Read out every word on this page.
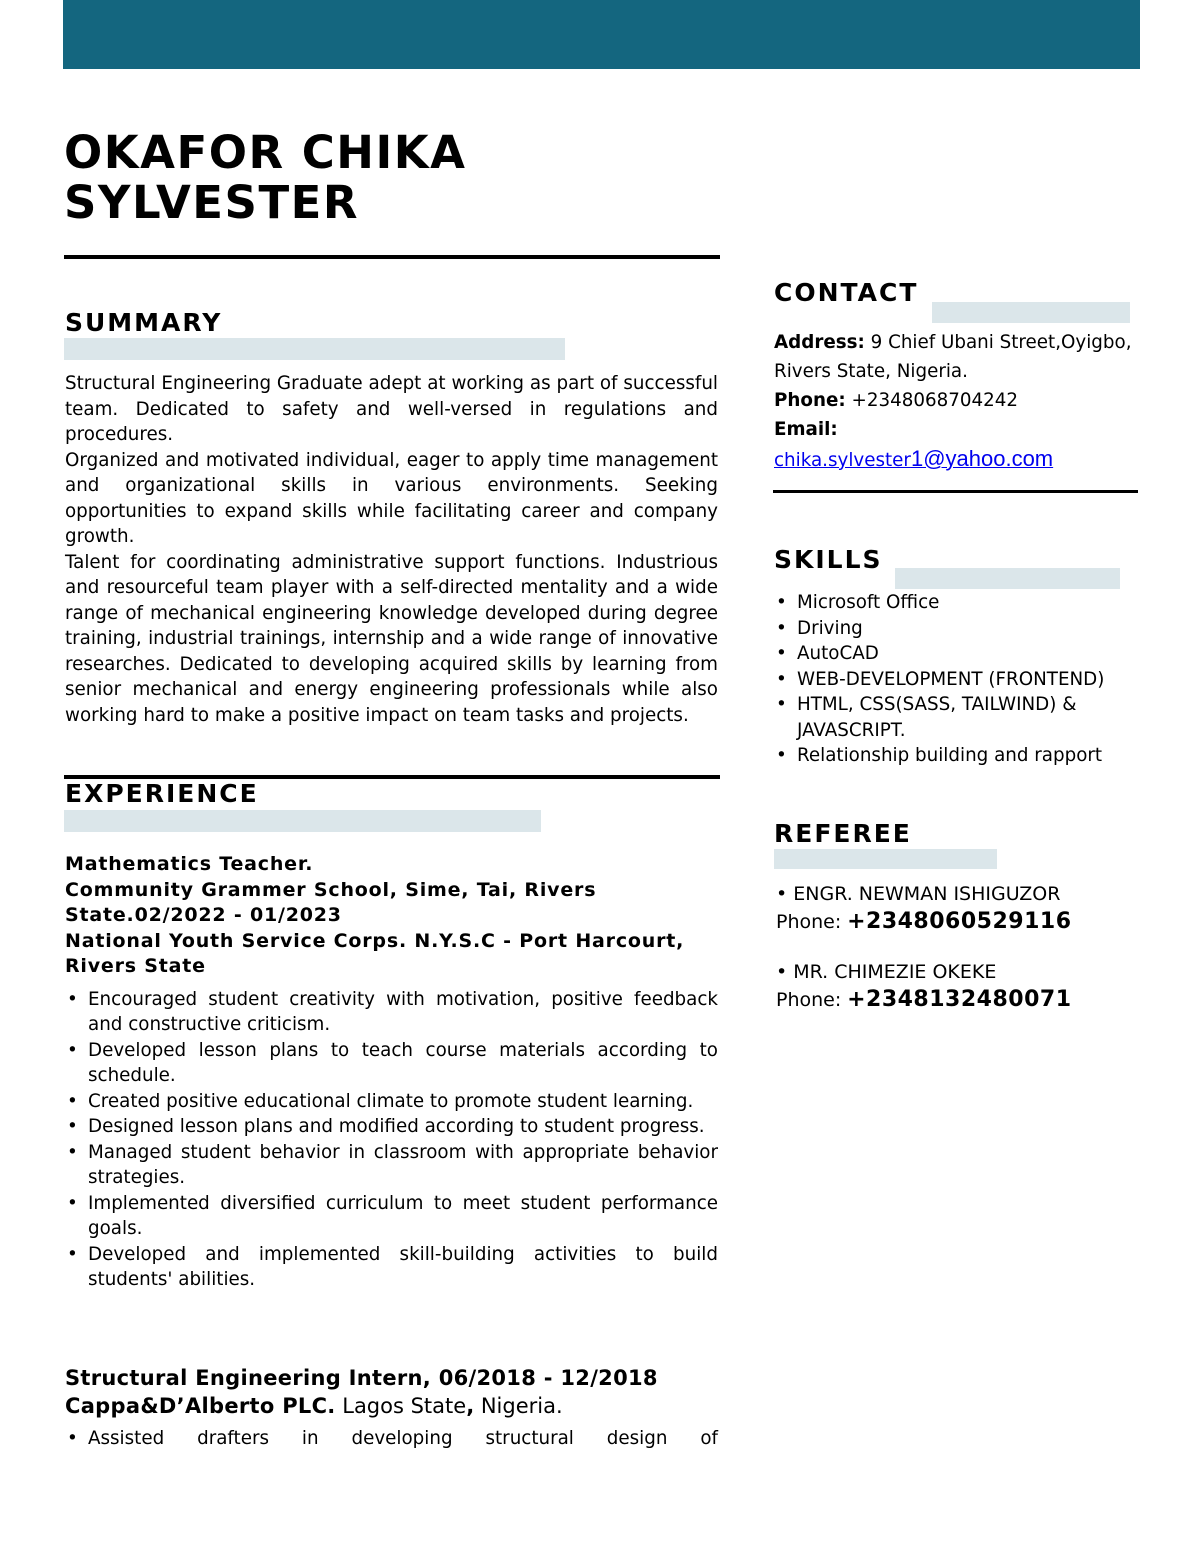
OKAFOR CHIKA
SYLVESTER
SUMMARY

Structural Engineering Graduate adept at working as part of successful team. Dedicated to safety and well-versed in regulations and procedures.

Organized and motivated individual, eager to apply time management and organizational skills in various environments. Seeking opportunities to expand skills while facilitating career and company growth.

Talent for coordinating administrative support functions. Industrious and resourceful team player with a self-directed mentality and a wide range of mechanical engineering knowledge developed during degree training, industrial trainings, internship and a wide range of innovative researches. Dedicated to developing acquired skills by learning from senior mechanical and energy engineering professionals while also working hard to make a positive impact on team tasks and projects.

EXPERIENCE
Mathematics Teacher.
Community Grammer School, Sime, Tai, Rivers State.02/2022 - 01/2023
National Youth Service Corps. N.Y.S.C - Port Harcourt, Rivers State
• Encouraged student creativity with motivation, positive feedback and constructive criticism.
• Developed lesson plans to teach course materials according to schedule.
• Created positive educational climate to promote student learning.
• Designed lesson plans and modified according to student progress.
• Managed student behavior in classroom with appropriate behavior strategies.
• Implemented diversified curriculum to meet student performance goals.
• Developed and implemented skill-building activities to build students' abilities.
Structural Engineering Intern, 06/2018 - 12/2018
Cappa&D’Alberto PLC. Lagos State, Nigeria.
• Assisted drafters in developing structural design of
CONTACT
Address: 9 Chief Ubani Street,Oyigbo, Rivers State, Nigeria.
Phone: +2348068704242
Email:
chika.sylvester1@yahoo.com
SKILLS
• Microsoft Office
• Driving
• AutoCAD
• WEB-DEVELOPMENT (FRONTEND)
• HTML, CSS(SASS, TAILWIND) & JAVASCRIPT.
• Relationship building and rapport
REFEREE
• ENGR. NEWMAN ISHIGUZOR
Phone: +2348060529116
• MR. CHIMEZIE OKEKE
Phone: +2348132480071
